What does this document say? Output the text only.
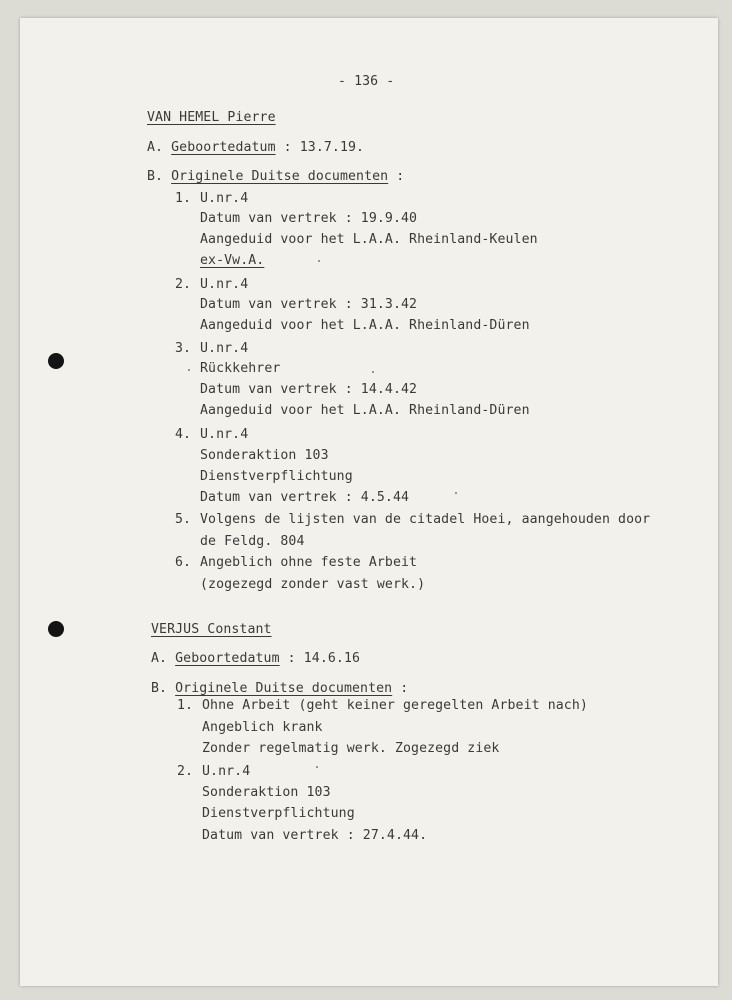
- 136 -
VAN HEMEL Pierre
A. Geboortedatum : 13.7.19.
B. Originele Duitse documenten :
1. U.nr.4
Datum van vertrek : 19.9.40
Aangeduid voor het L.A.A. Rheinland-Keulen
ex-Vw.A.
2. U.nr.4
Datum van vertrek : 31.3.42
Aangeduid voor het L.A.A. Rheinland-Düren
3. U.nr.4
Rückkehrer
Datum van vertrek : 14.4.42
Aangeduid voor het L.A.A. Rheinland-Düren
4. U.nr.4
Sonderaktion 103
Dienstverpflichtung
Datum van vertrek : 4.5.44
5. Volgens de lijsten van de citadel Hoei, aangehouden door
de Feldg. 804
6. Angeblich ohne feste Arbeit
(zogezegd zonder vast werk.)
VERJUS Constant
A. Geboortedatum : 14.6.16
B. Originele Duitse documenten :
1. Ohne Arbeit (geht keiner geregelten Arbeit nach)
Angeblich krank
Zonder regelmatig werk. Zogezegd ziek
2. U.nr.4
Sonderaktion 103
Dienstverpflichtung
Datum van vertrek : 27.4.44.
